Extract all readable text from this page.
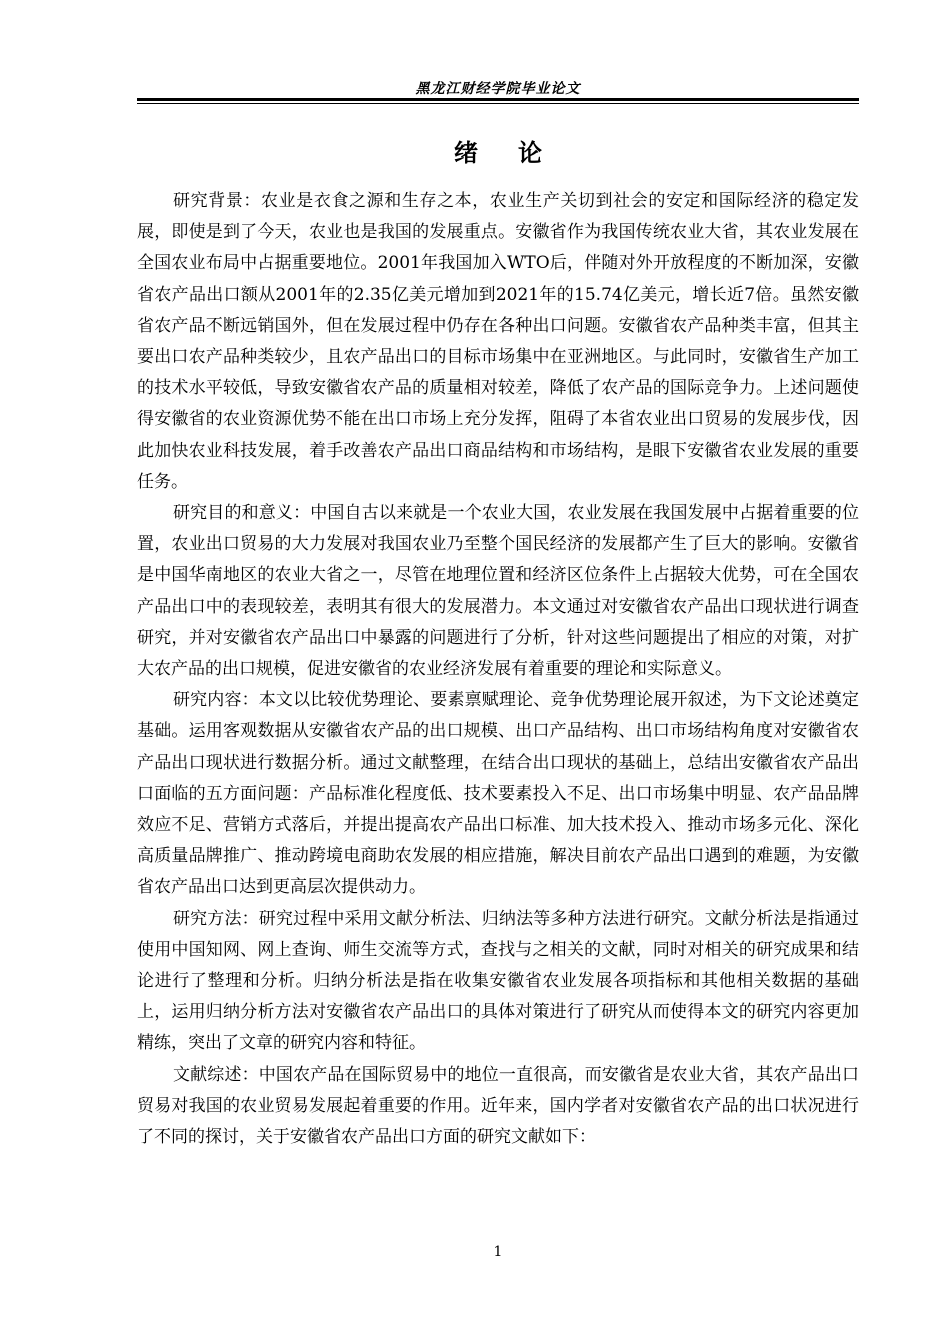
黑龙江财经学院毕业论文
绪论

研究背景：农业是衣食之源和生存之本，农业生产关切到社会的安定和国际经济的稳定发展，即使是到了今天，农业也是我国的发展重点。安徽省作为我国传统农业大省，其农业发展在全国农业布局中占据重要地位。2001年我国加入WTO后，伴随对外开放程度的不断加深，安徽省农产品出口额从2001年的2.35亿美元增加到2021年的15.74亿美元，增长近7倍。虽然安徽省农产品不断远销国外，但在发展过程中仍存在各种出口问题。安徽省农产品种类丰富，但其主要出口农产品种类较少，且农产品出口的目标市场集中在亚洲地区。与此同时，安徽省生产加工的技术水平较低，导致安徽省农产品的质量相对较差，降低了农产品的国际竞争力。上述问题使得安徽省的农业资源优势不能在出口市场上充分发挥，阻碍了本省农业出口贸易的发展步伐，因此加快农业科技发展，着手改善农产品出口商品结构和市场结构，是眼下安徽省农业发展的重要任务。

研究目的和意义：中国自古以来就是一个农业大国，农业发展在我国发展中占据着重要的位置，农业出口贸易的大力发展对我国农业乃至整个国民经济的发展都产生了巨大的影响。安徽省是中国华南地区的农业大省之一，尽管在地理位置和经济区位条件上占据较大优势，可在全国农产品出口中的表现较差，表明其有很大的发展潜力。本文通过对安徽省农产品出口现状进行调查研究，并对安徽省农产品出口中暴露的问题进行了分析，针对这些问题提出了相应的对策，对扩大农产品的出口规模，促进安徽省的农业经济发展有着重要的理论和实际意义。

研究内容：本文以比较优势理论、要素禀赋理论、竞争优势理论展开叙述，为下文论述奠定基础。运用客观数据从安徽省农产品的出口规模、出口产品结构、出口市场结构角度对安徽省农产品出口现状进行数据分析。通过文献整理，在结合出口现状的基础上，总结出安徽省农产品出口面临的五方面问题：产品标准化程度低、技术要素投入不足、出口市场集中明显、农产品品牌效应不足、营销方式落后，并提出提高农产品出口标准、加大技术投入、推动市场多元化、深化高质量品牌推广、推动跨境电商助农发展的相应措施，解决目前农产品出口遇到的难题，为安徽省农产品出口达到更高层次提供动力。

研究方法：研究过程中采用文献分析法、归纳法等多种方法进行研究。文献分析法是指通过使用中国知网、网上查询、师生交流等方式，查找与之相关的文献，同时对相关的研究成果和结论进行了整理和分析。归纳分析法是指在收集安徽省农业发展各项指标和其他相关数据的基础上，运用归纳分析方法对安徽省农产品出口的具体对策进行了研究从而使得本文的研究内容更加精练，突出了文章的研究内容和特征。

文献综述：中国农产品在国际贸易中的地位一直很高，而安徽省是农业大省，其农产品出口贸易对我国的农业贸易发展起着重要的作用。近年来，国内学者对安徽省农产品的出口状况进行了不同的探讨，关于安徽省农产品出口方面的研究文献如下：

1
